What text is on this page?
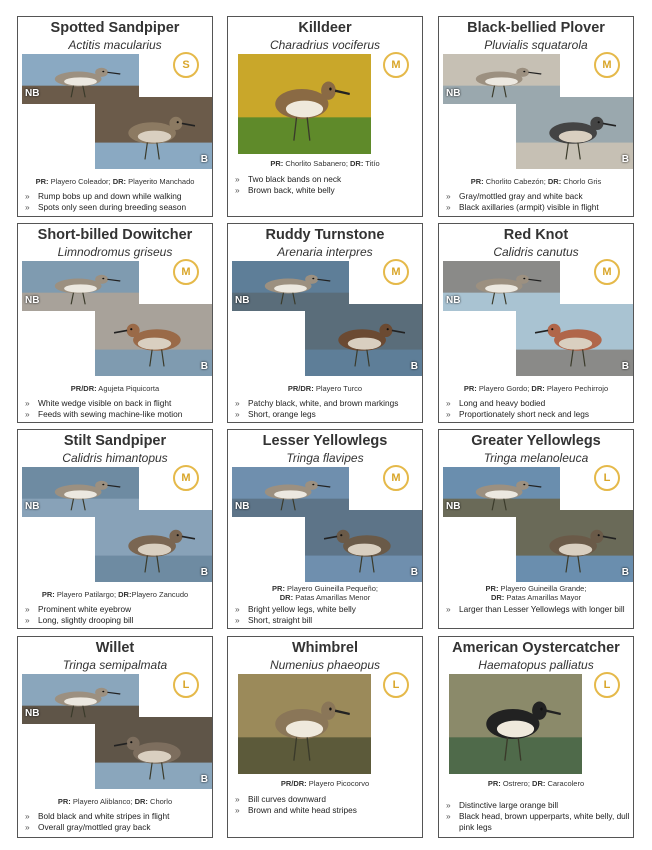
Spotted Sandpiper
Actitis macularius
S
NB
B
PR: Playero Coleador; DR: Playerito Manchado
» Rump bobs up and down while walking
» Spots only seen during breeding season
Killdeer
Charadrius vociferus
M
PR: Chorlito Sabanero; DR: Titío
» Two black bands on neck
» Brown back, white belly
Black-bellied Plover
Pluvialis squatarola
M
NB
B
PR: Chorlito Cabezón; DR: Chorlo Gris
» Gray/mottled gray and white back
» Black axillaries (armpit) visible in flight
Short-billed Dowitcher
Limnodromus griseus
M
NB
B
PR/DR: Agujeta Piquicorta
» White wedge visible on back in flight
» Feeds with sewing machine-like motion
Ruddy Turnstone
Arenaria interpres
M
NB
B
PR/DR: Playero Turco
» Patchy black, white, and brown markings
» Short, orange legs
Red Knot
Calidris canutus
M
NB
B
PR: Playero Gordo; DR: Playero Pechirrojo
» Long and heavy bodied
» Proportionately short neck and legs
Stilt Sandpiper
Calidris himantopus
M
NB
B
PR: Playero Patilargo; DR:Playero Zancudo
» Prominent white eyebrow
» Long, slightly drooping bill
Lesser Yellowlegs
Tringa flavipes
M
NB
B
PR: Playero Guineilla Pequeño;
DR: Patas Amarillas Menor
» Bright yellow legs, white belly
» Short, straight bill
Greater Yellowlegs
Tringa melanoleuca
L
NB
B
PR: Playero Guineilla Grande;
DR: Patas Amarillas Mayor
» Larger than Lesser Yellowlegs with longer bill
Willet
Tringa semipalmata
L
NB
B
PR: Playero Aliblanco; DR: Chorlo
» Bold black and white stripes in flight
» Overall gray/mottled gray back
Whimbrel
Numenius phaeopus
L
PR/DR: Playero Picocorvo
» Bill curves downward
» Brown and white head stripes
American Oystercatcher
Haematopus palliatus
L
PR: Ostrero; DR: Caracolero
» Distinctive large orange bill
» Black head, brown upperparts, white belly, dull pink legs
